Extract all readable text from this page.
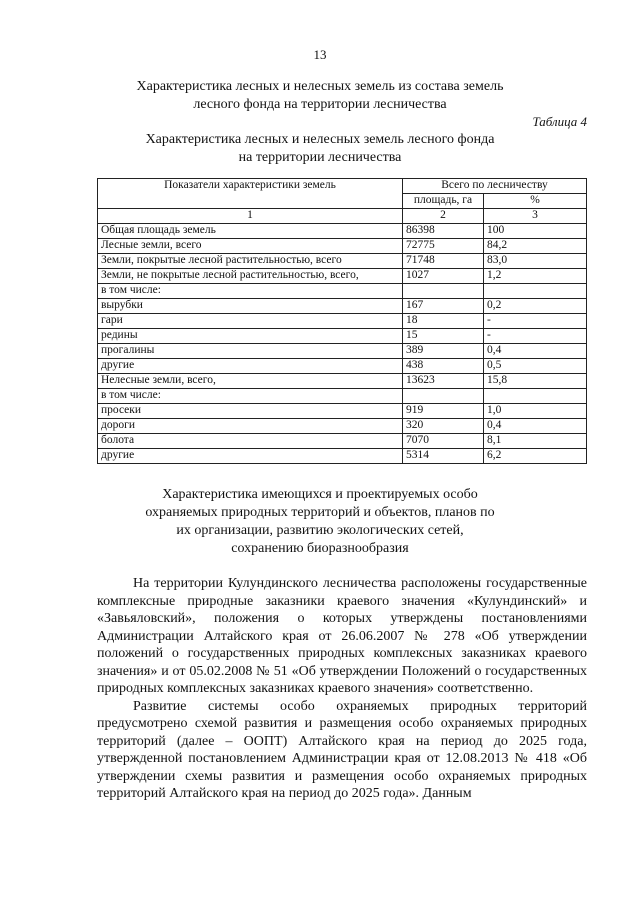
13
Характеристика лесных и нелесных земель из состава земель
лесного фонда на территории лесничества
Таблица 4
Характеристика лесных и нелесных земель лесного фонда
на территории лесничества
Показатели характеристики земель	Всего по лесничеству	
	площадь, га	%
1	2	3
Общая площадь земель	86398	100
Лесные земли, всего	72775	84,2
Земли, покрытые лесной растительностью, всего	71748	83,0
Земли, не покрытые лесной растительностью, всего,	1027	1,2
в том числе:		
вырубки	167	0,2
гари	18	-
редины	15	-
прогалины	389	0,4
другие	438	0,5
Нелесные земли, всего,	13623	15,8
в том числе:		
просеки	919	1,0
дороги	320	0,4
болота	7070	8,1
другие	5314	6,2
Характеристика имеющихся и проектируемых особо
охраняемых природных территорий и объектов, планов по
их организации, развитию экологических сетей,
сохранению биоразнообразия

На территории Кулундинского лесничества расположены государственные комплексные природные заказники краевого значения «Кулундинский» и «Завьяловский», положения о которых утверждены постановлениями Администрации Алтайского края от 26.06.2007 № 278 «Об утверждении положений о государственных природных комплексных заказниках краевого значения» и от 05.02.2008 № 51 «Об утверждении Положений о государственных природных комплексных заказниках краевого значения» соответственно.

Развитие системы особо охраняемых природных территорий предусмотрено схемой развития и размещения особо охраняемых природных территорий (далее – ООПТ) Алтайского края на период до 2025 года, утвержденной постановлением Администрации края от 12.08.2013 № 418 «Об утверждении схемы развития и размещения особо охраняемых природных территорий Алтайского края на период до 2025 года». Данным
